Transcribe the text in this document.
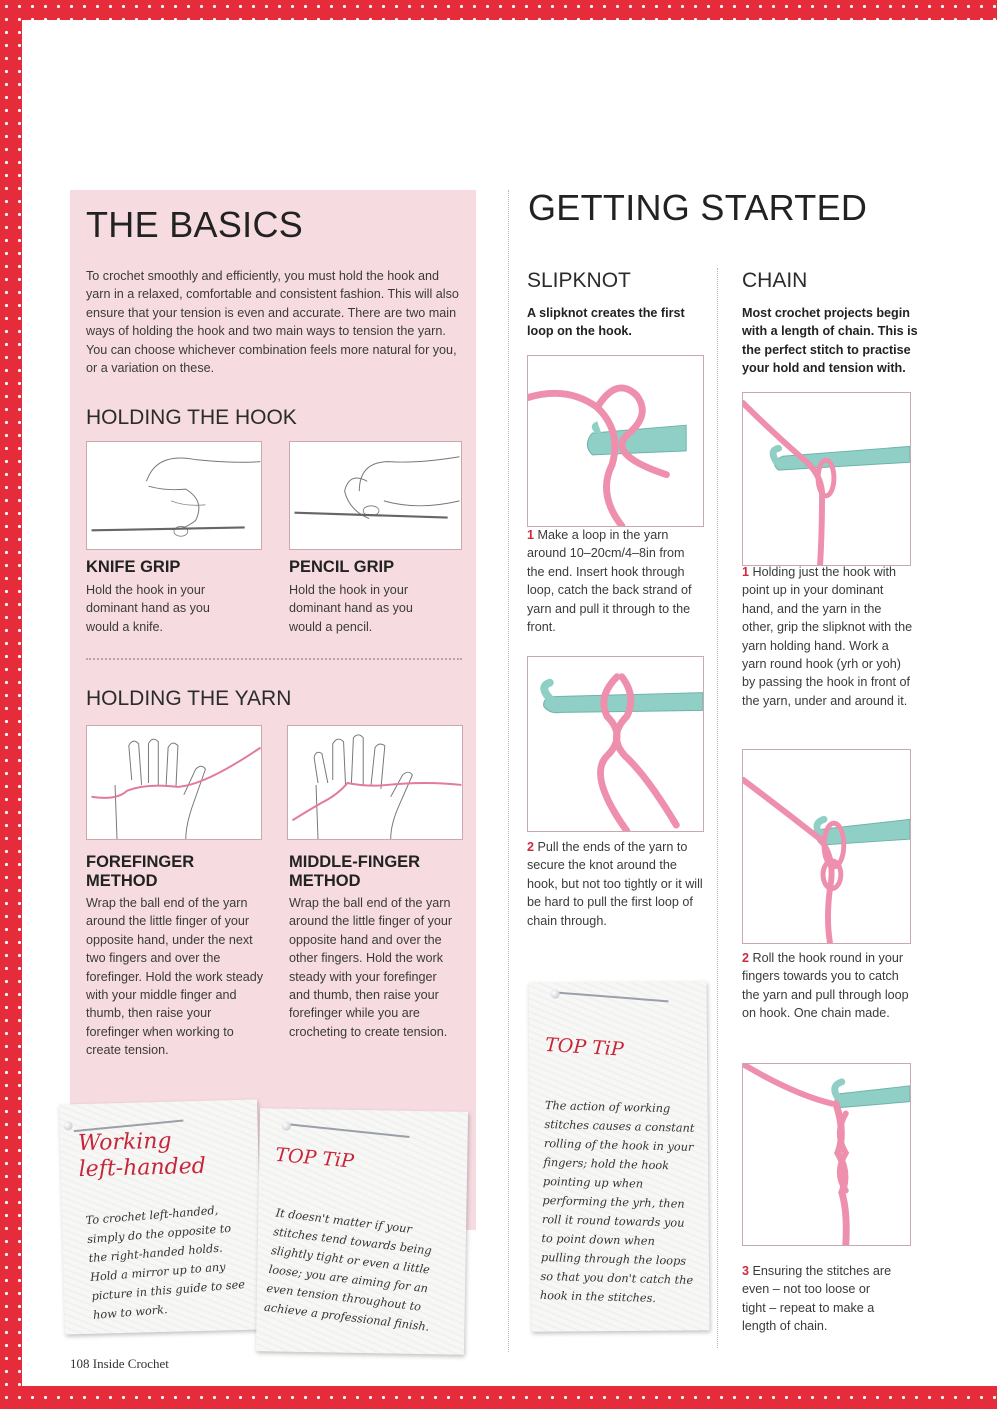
THE BASICS

To crochet smoothly and efficiently, you must hold the hook and yarn in a relaxed, comfortable and consistent fashion. This will also ensure that your tension is even and accurate. There are two main ways of holding the hook and two main ways to tension the yarn. You can choose whichever combination feels more natural for you, or a variation on these.

HOLDING THE HOOK
KNIFE GRIP

Hold the hook in your dominant hand as you would a knife.

PENCIL GRIP

Hold the hook in your dominant hand as you would a pencil.

HOLDING THE YARN
FOREFINGER METHOD

Wrap the ball end of the yarn around the little finger of your opposite hand, under the next two fingers and over the forefinger. Hold the work steady with your middle finger and thumb, then raise your forefinger when working to create tension.

MIDDLE-FINGER METHOD

Wrap the ball end of the yarn around the little finger of your opposite hand and over the other fingers. Hold the work steady with your forefinger and thumb, then raise your forefinger while you are crocheting to create tension.

Working

left-handed

To crochet left-handed, simply do the opposite to the right-handed holds. Hold a mirror up to any picture in this guide to see how to work.

TOP TiP

It doesn't matter if your stitches tend towards being slightly tight or even a little loose; you are aiming for an even tension throughout to achieve a professional finish.

GETTING STARTED
SLIPKNOT

A slipknot creates the first loop on the hook.

1 Make a loop in the yarn around 10–20cm/4–8in from the end. Insert hook through loop, catch the back strand of yarn and pull it through to the front.

2 Pull the ends of the yarn to secure the knot around the hook, but not too tightly or it will be hard to pull the first loop of chain through.

TOP TiP

The action of working stitches causes a constant rolling of the hook in your fingers; hold the hook pointing up when performing the yrh, then roll it round towards you to point down when pulling through the loops so that you don't catch the hook in the stitches.

CHAIN

Most crochet projects begin with a length of chain. This is the perfect stitch to practise your hold and tension with.

1 Holding just the hook with point up in your dominant hand, and the yarn in the other, grip the slipknot with the yarn holding hand. Work a yarn round hook (yrh or yoh) by passing the hook in front of the yarn, under and around it.

2 Roll the hook round in your fingers towards you to catch the yarn and pull through loop on hook. One chain made.

3 Ensuring the stitches are even – not too loose or tight – repeat to make a length of chain.

108 Inside Crochet
